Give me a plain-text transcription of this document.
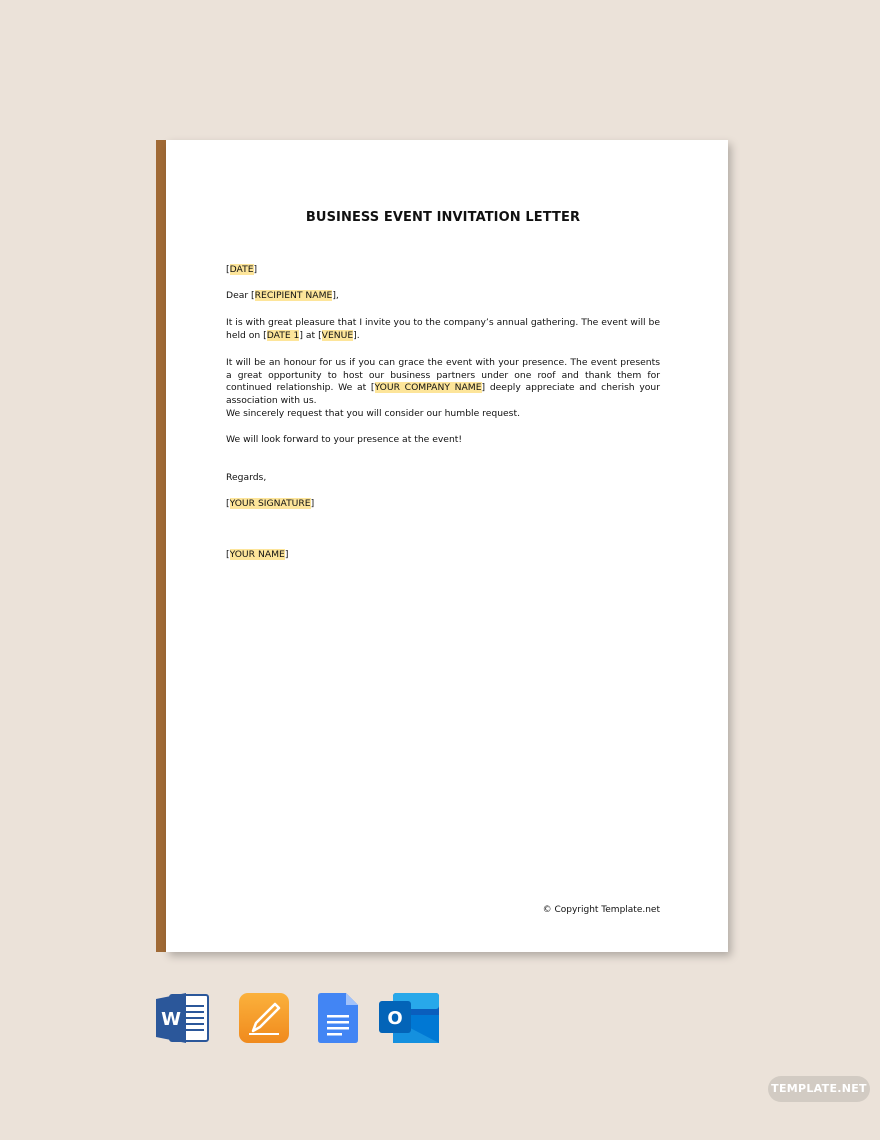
BUSINESS EVENT INVITATION LETTER
[DATE]
Dear [RECIPIENT NAME],
It is with great pleasure that I invite you to the company’s annual gathering. The event will be held on [DATE 1] at [VENUE].
It will be an honour for us if you can grace the event with your presence. The event presents a great opportunity to host our business partners under one roof and thank them for continued relationship. We at [YOUR COMPANY NAME] deeply appreciate and cherish your association with us.
We sincerely request that you will consider our humble request.
We will look forward to your presence at the event!
Regards,
[YOUR SIGNATURE]
[YOUR NAME]
© Copyright Template.net
W	O
TEMPLATE.NET
